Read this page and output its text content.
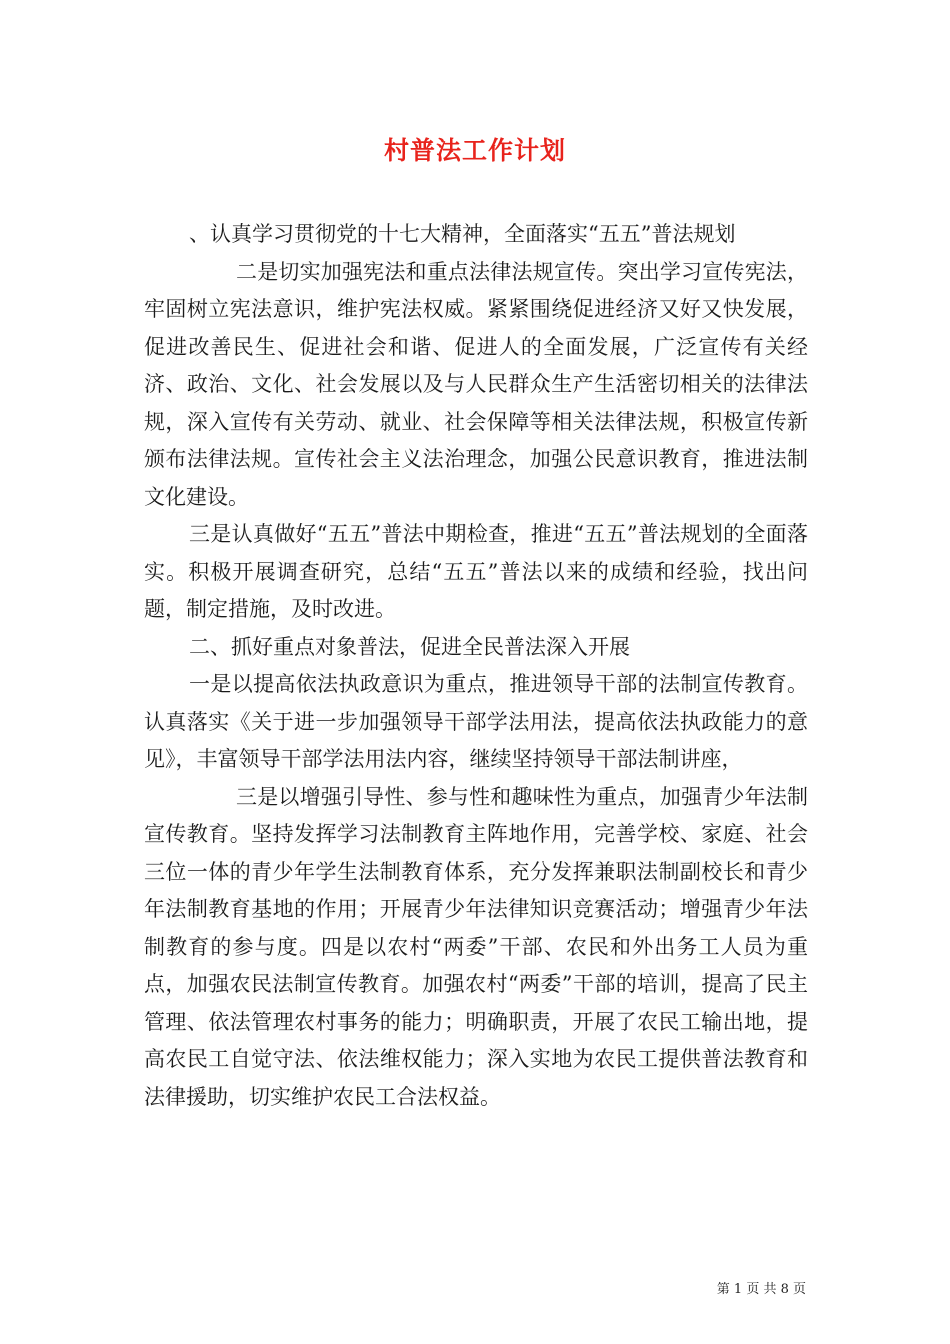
村普法工作计划

、认真学习贯彻党的十七大精神，全面落实“五五”普法规划

二是切实加强宪法和重点法律法规宣传。突出学习宣传宪法，牢固树立宪法意识，维护宪法权威。紧紧围绕促进经济又好又快发展，促进改善民生、促进社会和谐、促进人的全面发展，广泛宣传有关经济、政治、文化、社会发展以及与人民群众生产生活密切相关的法律法规，深入宣传有关劳动、就业、社会保障等相关法律法规，积极宣传新颁布法律法规。宣传社会主义法治理念，加强公民意识教育，推进法制文化建设。

三是认真做好“五五”普法中期检查，推进“五五”普法规划的全面落实。积极开展调查研究，总结“五五”普法以来的成绩和经验，找出问题，制定措施，及时改进。

二、抓好重点对象普法，促进全民普法深入开展

一是以提高依法执政意识为重点，推进领导干部的法制宣传教育。认真落实《关于进一步加强领导干部学法用法，提高依法执政能力的意见》，丰富领导干部学法用法内容，继续坚持领导干部法制讲座，

三是以增强引导性、参与性和趣味性为重点，加强青少年法制宣传教育。坚持发挥学习法制教育主阵地作用，完善学校、家庭、社会三位一体的青少年学生法制教育体系，充分发挥兼职法制副校长和青少年法制教育基地的作用；开展青少年法律知识竞赛活动；增强青少年法制教育的参与度。四是以农村“两委”干部、农民和外出务工人员为重点，加强农民法制宣传教育。加强农村“两委”干部的培训，提高了民主管理、依法管理农村事务的能力；明确职责，开展了农民工输出地，提高农民工自觉守法、依法维权能力；深入实地为农民工提供普法教育和法律援助，切实维护农民工合法权益。

第 1 页 共 8 页
